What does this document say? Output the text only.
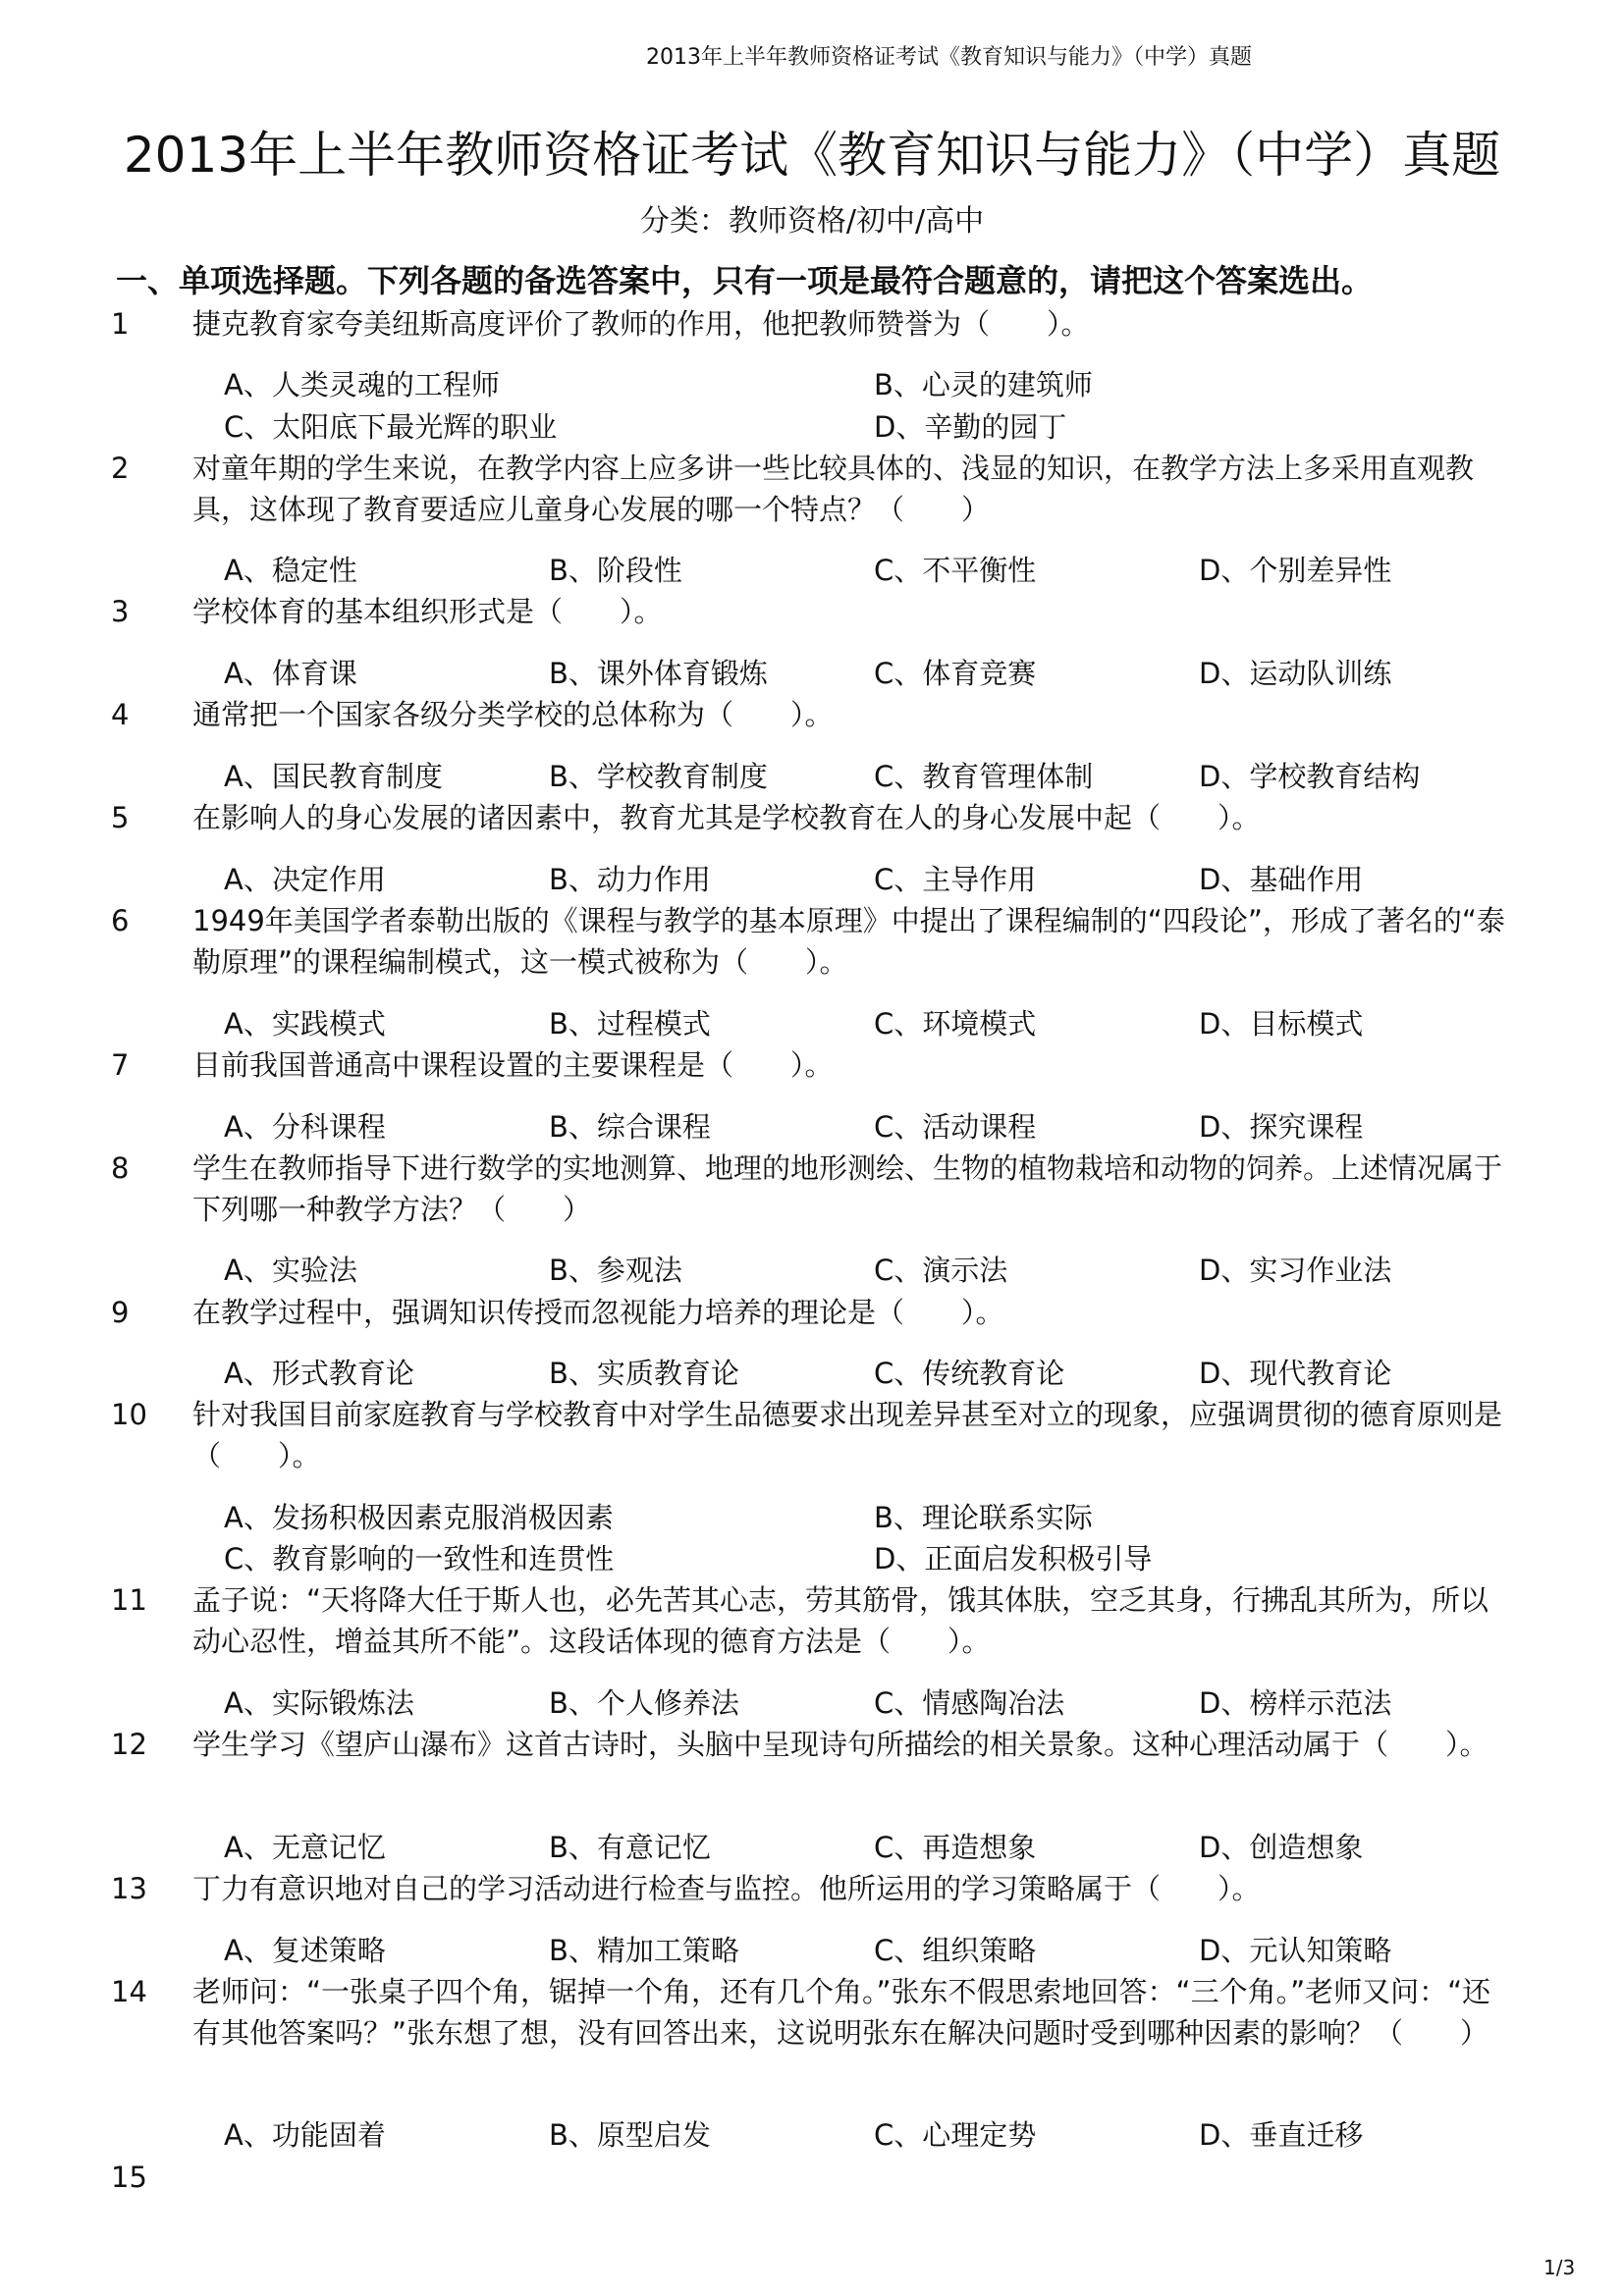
2013年上半年教师资格证考试《教育知识与能力》（中学）真题
2013年上半年教师资格证考试《教育知识与能力》（中学）真题
分类：教师资格/初中/高中
一、单项选择题。下列各题的备选答案中，只有一项是最符合题意的，请把这个答案选出。
1 捷克教育家夸美纽斯高度评价了教师的作用，他把教师赞誉为（　　）。
A、人类灵魂的工程师	B、心灵的建筑师
C、太阳底下最光辉的职业	D、辛勤的园丁
2 对童年期的学生来说，在教学内容上应多讲一些比较具体的、浅显的知识，在教学方法上多采用直观教具，这体现了教育要适应儿童身心发展的哪一个特点？（　　）
A、稳定性	B、阶段性	C、不平衡性	D、个别差异性
3 学校体育的基本组织形式是（　　）。
A、体育课	B、课外体育锻炼	C、体育竞赛	D、运动队训练
4 通常把一个国家各级分类学校的总体称为（　　）。
A、国民教育制度	B、学校教育制度	C、教育管理体制	D、学校教育结构
5 在影响人的身心发展的诸因素中，教育尤其是学校教育在人的身心发展中起（　　）。
A、决定作用	B、动力作用	C、主导作用	D、基础作用
6 1949年美国学者泰勒出版的《课程与教学的基本原理》中提出了课程编制的“四段论”，形成了著名的“泰勒原理”的课程编制模式，这一模式被称为（　　）。
A、实践模式	B、过程模式	C、环境模式	D、目标模式
7 目前我国普通高中课程设置的主要课程是（　　）。
A、分科课程	B、综合课程	C、活动课程	D、探究课程
8 学生在教师指导下进行数学的实地测算、地理的地形测绘、生物的植物栽培和动物的饲养。上述情况属于下列哪一种教学方法？（　　）
A、实验法	B、参观法	C、演示法	D、实习作业法
9 在教学过程中，强调知识传授而忽视能力培养的理论是（　　）。
A、形式教育论	B、实质教育论	C、传统教育论	D、现代教育论
10 针对我国目前家庭教育与学校教育中对学生品德要求出现差异甚至对立的现象，应强调贯彻的德育原则是（　　）。
A、发扬积极因素克服消极因素	B、理论联系实际
C、教育影响的一致性和连贯性	D、正面启发积极引导
11 孟子说：“天将降大任于斯人也，必先苦其心志，劳其筋骨，饿其体肤，空乏其身，行拂乱其所为，所以动心忍性，增益其所不能”。这段话体现的德育方法是（　　）。
A、实际锻炼法	B、个人修养法	C、情感陶冶法	D、榜样示范法
12 学生学习《望庐山瀑布》这首古诗时，头脑中呈现诗句所描绘的相关景象。这种心理活动属于（　　）。
A、无意记忆	B、有意记忆	C、再造想象	D、创造想象
13 丁力有意识地对自己的学习活动进行检查与监控。他所运用的学习策略属于（　　）。
A、复述策略	B、精加工策略	C、组织策略	D、元认知策略
14 老师问：“一张桌子四个角，锯掉一个角，还有几个角。”张东不假思索地回答：“三个角。”老师又问：“还有其他答案吗？”张东想了想，没有回答出来，这说明张东在解决问题时受到哪种因素的影响？（　　）
A、功能固着	B、原型启发	C、心理定势	D、垂直迁移
15
1/3
